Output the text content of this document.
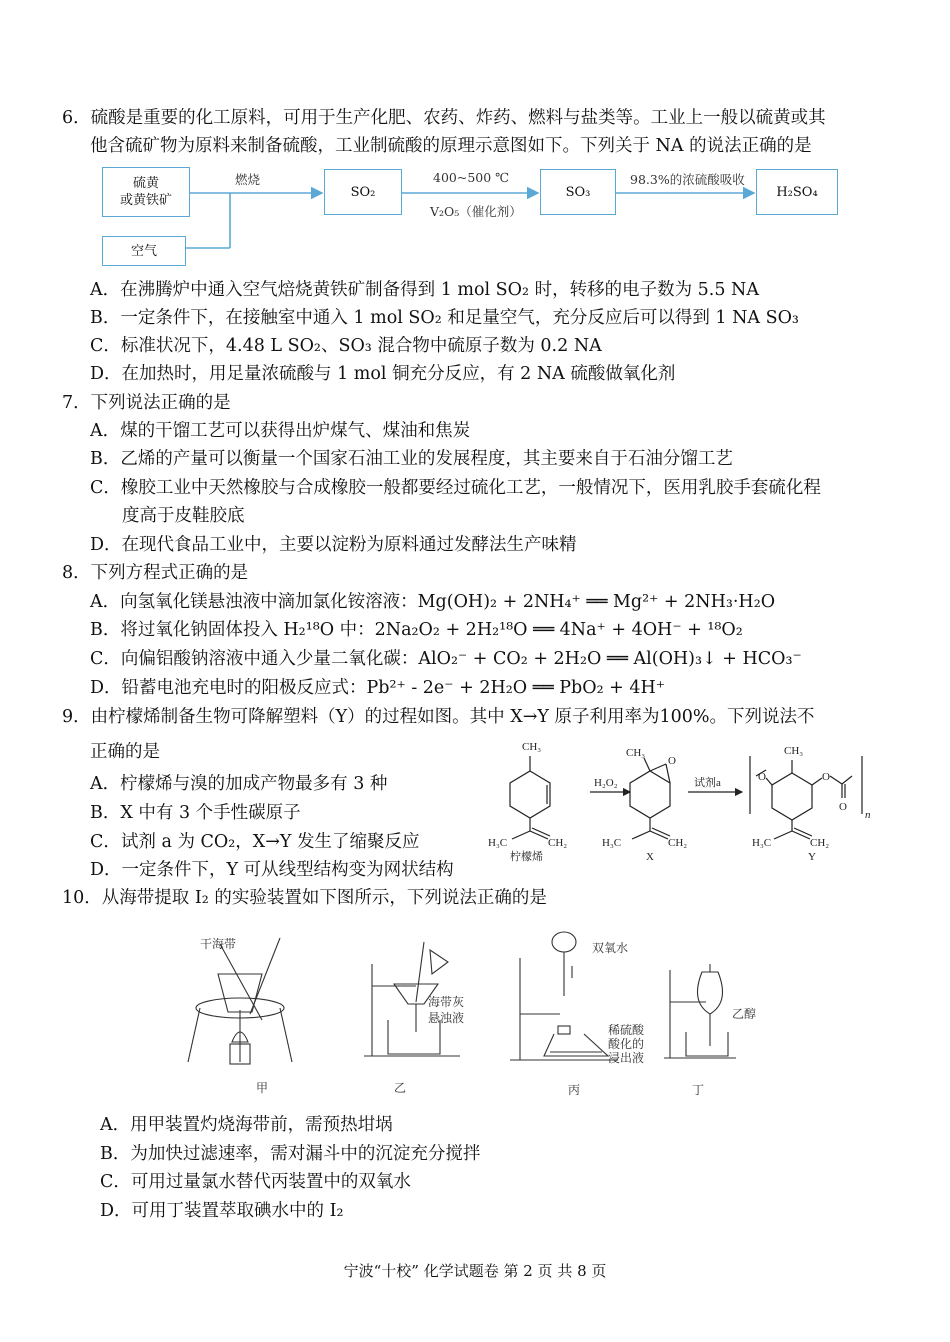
6．硫酸是重要的化工原料，可用于生产化肥、农药、炸药、燃料与盐类等。工业上一般以硫黄或其
他含硫矿物为原料来制备硫酸，工业制硫酸的原理示意图如下。下列关于 NA 的说法正确的是
硫黄
或黄铁矿
空气
SO₂	SO₃	H₂SO₄
燃烧	400~500 ℃
V₂O₅（催化剂）
98.3%的浓硫酸吸收
A．在沸腾炉中通入空气焙烧黄铁矿制备得到 1 mol SO₂ 时，转移的电子数为 5.5 NA
B．一定条件下，在接触室中通入 1 mol SO₂ 和足量空气，充分反应后可以得到 1 NA SO₃
C．标准状况下，4.48 L SO₂、SO₃ 混合物中硫原子数为 0.2 NA
D．在加热时，用足量浓硫酸与 1 mol 铜充分反应，有 2 NA 硫酸做氧化剂
7．下列说法正确的是
A．煤的干馏工艺可以获得出炉煤气、煤油和焦炭
B．乙烯的产量可以衡量一个国家石油工业的发展程度，其主要来自于石油分馏工艺
C．橡胶工业中天然橡胶与合成橡胶一般都要经过硫化工艺，一般情况下，医用乳胶手套硫化程
度高于皮鞋胶底
D．在现代食品工业中，主要以淀粉为原料通过发酵法生产味精
8．下列方程式正确的是
A．向氢氧化镁悬浊液中滴加氯化铵溶液：Mg(OH)₂ + 2NH₄⁺ ══ Mg²⁺ + 2NH₃·H₂O
B．将过氧化钠固体投入 H₂¹⁸O 中：2Na₂O₂ + 2H₂¹⁸O ══ 4Na⁺ + 4OH⁻ + ¹⁸O₂
C．向偏铝酸钠溶液中通入少量二氧化碳：AlO₂⁻ + CO₂ + 2H₂O ══ Al(OH)₃↓ + HCO₃⁻
D．铅蓄电池充电时的阳极反应式：Pb²⁺ - 2e⁻ + 2H₂O ══ PbO₂ + 4H⁺
9．由柠檬烯制备生物可降解塑料（Y）的过程如图。其中 X→Y 原子利用率为100%。下列说法不
正确的是
A．柠檬烯与溴的加成产物最多有 3 种
B．X 中有 3 个手性碳原子
C．试剂 a 为 CO₂，X→Y 发生了缩聚反应
D．一定条件下，Y 可从线型结构变为网状结构
CH₃
H₃C	CH₂
柠檬烯
H₂O₂
CH₃
O
H₃C	CH₂
X
试剂a
CH₃
O	O
O
n
H₃C	CH₂
Y
10．从海带提取 I₂ 的实验装置如下图所示，下列说法正确的是
干海带
甲
海带灰
悬浊液
乙
双氧水
稀硫酸
酸化的
浸出液
丙
乙醇
丁
A．用甲装置灼烧海带前，需预热坩埚
B．为加快过滤速率，需对漏斗中的沉淀充分搅拌
C．可用过量氯水替代丙装置中的双氧水
D．可用丁装置萃取碘水中的 I₂
宁波“十校” 化学试题卷 第 2 页 共 8 页
